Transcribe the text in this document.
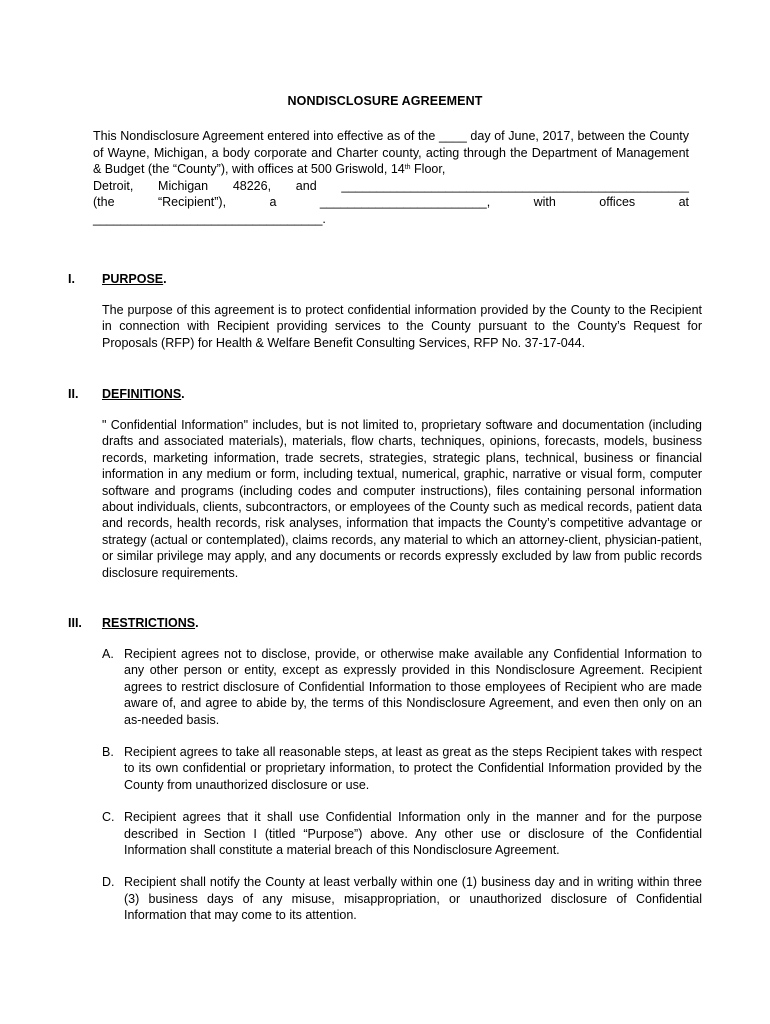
NONDISCLOSURE AGREEMENT

This Nondisclosure Agreement entered into effective as of the ____ day of June, 2017, between the County of Wayne, Michigan, a body corporate and Charter county, acting through the Department of Management & Budget (the “County”), with offices at 500 Griswold, 14th Floor,

Detroit, Michigan 48226, and __________________________________________________
(the “Recipient”), a ________________________, with offices at
_________________________________.
I.	PURPOSE.
The purpose of this agreement is to protect confidential information provided by the County to the Recipient in connection with Recipient providing services to the County pursuant to the County’s Request for Proposals (RFP) for Health & Welfare Benefit Consulting Services, RFP No. 37-17-044.
II.	DEFINITIONS.
" Confidential Information" includes, but is not limited to, proprietary software and documentation (including drafts and associated materials), materials, flow charts, techniques, opinions, forecasts, models, business records, marketing information, trade secrets, strategies, strategic plans, technical, business or financial information in any medium or form, including textual, numerical, graphic, narrative or visual form, computer software and programs (including codes and computer instructions), files containing personal information about individuals, clients, subcontractors, or employees of the County such as medical records, patient data and records, health records, risk analyses, information that impacts the County’s competitive advantage or strategy (actual or contemplated), claims records, any material to which an attorney-client, physician-patient, or similar privilege may apply, and any documents or records expressly excluded by law from public records disclosure requirements.
III.	RESTRICTIONS.
A. Recipient agrees not to disclose, provide, or otherwise make available any Confidential Information to any other person or entity, except as expressly provided in this Nondisclosure Agreement. Recipient agrees to restrict disclosure of Confidential Information to those employees of Recipient who are made aware of, and agree to abide by, the terms of this Nondisclosure Agreement, and even then only on an as-needed basis.
B. Recipient agrees to take all reasonable steps, at least as great as the steps Recipient takes with respect to its own confidential or proprietary information, to protect the Confidential Information provided by the County from unauthorized disclosure or use.
C. Recipient agrees that it shall use Confidential Information only in the manner and for the purpose described in Section I (titled “Purpose”) above. Any other use or disclosure of the Confidential Information shall constitute a material breach of this Nondisclosure Agreement.
D. Recipient shall notify the County at least verbally within one (1) business day and in writing within three (3) business days of any misuse, misappropriation, or unauthorized disclosure of Confidential Information that may come to its attention.
